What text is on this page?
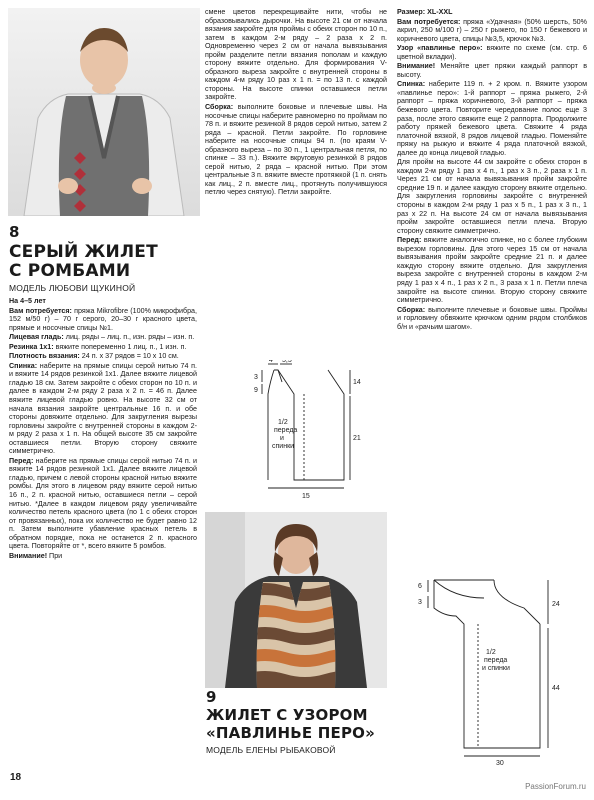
8
СЕРЫЙ ЖИЛЕТ
С РОМБАМИ
МОДЕЛЬ ЛЮБОВИ ЩУКИНОЙ

На 4–5 лет

Вам потребуется: пряжа Mikrofibre (100% микрофибра, 152 м/50 г) – 70 г серого, 20–30 г красного цвета, прямые и носочные спицы №1.

Лицевая гладь: лиц. ряды – лиц. п., изн. ряды – изн. п.

Резинка 1х1: вяжите попеременно 1 лиц. п., 1 изн. п.

Плотность вязания: 24 п. х 37 рядов = 10 х 10 см.

Спинка: наберите на прямые спицы серой нитью 74 п. и вяжите 14 рядов резинкой 1х1. Далее вяжите лицевой гладью 18 см. Затем закройте с обеих сторон по 10 п. и далее в каждом 2-м ряду 2 раза х 2 п. = 46 п. Далее вяжите лицевой гладью ровно. На высоте 32 см от начала вязания закройте центральные 16 п. и обе стороны довяжите отдельно. Для закругления вырезы горловины закройте с внутренней стороны в каждом 2-м ряду 2 раза х 1 п. На общей высоте 35 см закройте оставшиеся петли. Вторую сторону свяжите симметрично.

Перед: наберите на прямые спицы серой нитью 74 п. и вяжите 14 рядов резинкой 1х1. Далее вяжите лицевой гладью, причем с левой стороны красной нитью вяжите ромбы. Для этого в лицевом ряду вяжите серой нитью 16 п., 2 п. красной нитью, оставшиеся петли – серой нитью. *Далее в каждом лицевом ряду увеличивайте количество петель красного цвета (по 1 с обеих сторон от провязанных), пока их количество не будет равно 12 п. Затем выполните убавление красных петель в обратном порядке, пока не останется 2 п. красного цвета. Повторяйте от *, всего вяжите 5 ромбов.

Внимание! При

смене цветов перекрещивайте нити, чтобы не образовывались дырочки. На высоте 21 см от начала вязания закройте для проймы с обеих сторон по 10 п., затем в каждом 2-м ряду – 2 раза х 2 п. Одновременно через 2 см от начала вывязывания пройм разделите петли вязания пополам и каждую сторону вяжите отдельно. Для формирования V-образного выреза закройте с внутренней стороны в каждом 4-м ряду 10 раз х 1 п. = по 13 п. с каждой стороны. На высоте спинки оставшиеся петли закройте.

Сборка: выполните боковые и плечевые швы. На носочные спицы наберите равномерно по проймам по 78 п. и вяжите резинкой 8 рядов серой нитью, затем 2 ряда – красной. Петли закройте. По горловине наберите на носочные спицы 94 п. (по краям V-образного выреза – по 30 п., 1 центральная петля, по спинке – 33 п.). Вяжите вкруговую резинкой 8 рядов серой нитью, 2 ряда – красной нитью. При этом центральные 3 п. вяжите вместе протяжкой (1 п. снять как лиц., 2 п. вместе лиц., протянуть получившуюся петлю через снятую). Петли закройте.

4 5,5
3
9
14
21
15
1/2
переда
и
спинки
9
ЖИЛЕТ С УЗОРОМ
«ПАВЛИНЬЕ ПЕРО»
МОДЕЛЬ ЕЛЕНЫ РЫБАКОВОЙ

Размер: XL-XXL

Вам потребуется: пряжа «Удачная» (50% шерсть, 50% акрил, 250 м/100 г) – 250 г рыжего, по 150 г бежевого и коричневого цвета, спицы №3,5, крючок №3.

Узор «павлинье перо»: вяжите по схеме (см. стр. 6 цветной вкладки).

Внимание! Меняйте цвет пряжи каждый раппорт в высоту.

Спинка: наберите 119 п. + 2 кром. п. Вяжите узором «павлинье перо»: 1-й раппорт – пряжа рыжего, 2-й раппорт – пряжа коричневого, 3-й раппорт – пряжа бежевого цвета. Повторите чередование полос еще 3 раза, после этого свяжите еще 2 раппорта. Продолжите работу пряжей бежевого цвета. Свяжите 4 ряда платочной вязкой, 8 рядов лицевой гладью. Поменяйте пряжу на рыжую и вяжите 4 ряда платочной вязкой, далее до конца лицевой гладью.

Для пройм на высоте 44 см закройте с обеих сторон в каждом 2-м ряду 1 раз х 4 п., 1 раз х 3 п., 2 раза х 1 п. Через 21 см от начала вывязывания пройм закройте средние 19 п. и далее каждую сторону вяжите отдельно. Для закругления горловины закройте с внутренней стороны в каждом 2-м ряду 1 раз х 5 п., 1 раз х 3 п., 1 раз х 22 п. На высоте 24 см от начала вывязывания пройм закройте оставшиеся петли плеча. Вторую сторону свяжите симметрично.

Перед: вяжите аналогично спинке, но с более глубоким вырезом горловины. Для этого через 15 см от начала вывязывания пройм закройте средние 21 п. и далее каждую сторону вяжите отдельно. Для закругления выреза закройте с внутренней стороны в каждом 2-м ряду 1 раз х 4 п., 1 раз х 2 п., 3 раза х 1 п. Петли плеча закройте на высоте спинки. Вторую сторону свяжите симметрично.

Сборка: выполните плечевые и боковые швы. Проймы и горловину обвяжите крючком одним рядом столбиков б/н и «рачьим шагом».

6
3	24
44
30
1/2
переда
и спинки
18
PassionForum.ru
